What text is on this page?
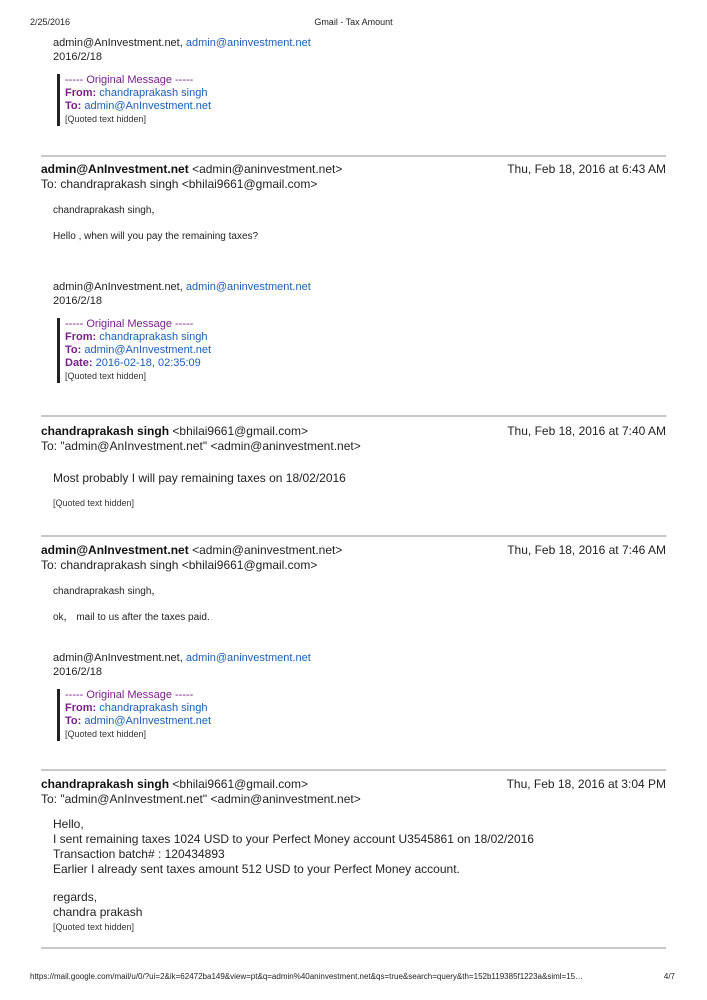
2/25/2016	Gmail - Tax Amount
admin@AnInvestment.net, admin@aninvestment.net
2016/2/18
----- Original Message -----
From: chandraprakash singh
To: admin@AnInvestment.net
[Quoted text hidden]
admin@AnInvestment.net <admin@aninvestment.net>	Thu, Feb 18, 2016 at 6:43 AM
To: chandraprakash singh <bhilai9661@gmail.com>
chandraprakash singh，
Hello , when will you pay the remaining taxes?
admin@AnInvestment.net, admin@aninvestment.net
2016/2/18
----- Original Message -----
From: chandraprakash singh
To: admin@AnInvestment.net
Date: 2016-02-18, 02:35:09
[Quoted text hidden]
chandraprakash singh <bhilai9661@gmail.com>	Thu, Feb 18, 2016 at 7:40 AM
To: "admin@AnInvestment.net" <admin@aninvestment.net>
Most probably I will pay remaining taxes on 18/02/2016
[Quoted text hidden]
admin@AnInvestment.net <admin@aninvestment.net>	Thu, Feb 18, 2016 at 7:46 AM
To: chandraprakash singh <bhilai9661@gmail.com>
chandraprakash singh，
ok， mail to us after the taxes paid.
admin@AnInvestment.net, admin@aninvestment.net
2016/2/18
----- Original Message -----
From: chandraprakash singh
To: admin@AnInvestment.net
[Quoted text hidden]
chandraprakash singh <bhilai9661@gmail.com>	Thu, Feb 18, 2016 at 3:04 PM
To: "admin@AnInvestment.net" <admin@aninvestment.net>
Hello,
I sent remaining taxes 1024 USD to your Perfect Money account U3545861 on 18/02/2016
Transaction batch# : 120434893
Earlier I already sent taxes amount 512 USD to your Perfect Money account.
regards,
chandra prakash
[Quoted text hidden]
https://mail.google.com/mail/u/0/?ui=2&ik=62472ba149&view=pt&q=admin%40aninvestment.net&qs=true&search=query&th=152b119385f1223a&siml=15…	4/7
